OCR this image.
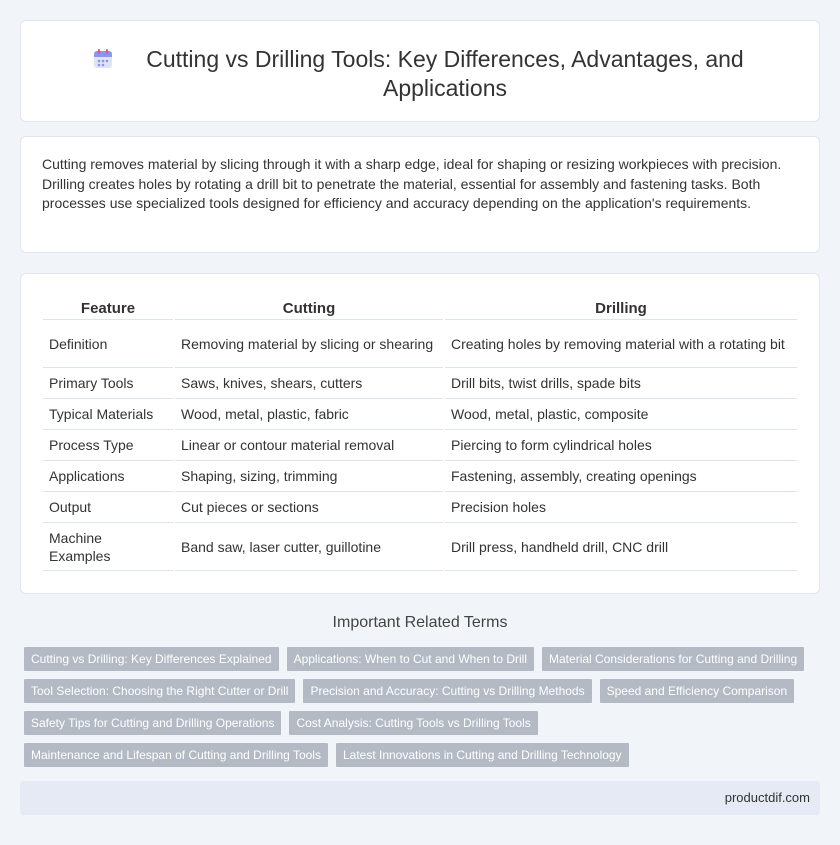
Cutting vs Drilling Tools: Key Differences, Advantages, and Applications

Cutting removes material by slicing through it with a sharp edge, ideal for shaping or resizing workpieces with precision. Drilling creates holes by rotating a drill bit to penetrate the material, essential for assembly and fastening tasks. Both processes use specialized tools designed for efficiency and accuracy depending on the application's requirements.

Feature	Cutting	Drilling
Definition	Removing material by slicing or shearing	Creating holes by removing material with a rotating bit
Primary Tools	Saws, knives, shears, cutters	Drill bits, twist drills, spade bits
Typical Materials	Wood, metal, plastic, fabric	Wood, metal, plastic, composite
Process Type	Linear or contour material removal	Piercing to form cylindrical holes
Applications	Shaping, sizing, trimming	Fastening, assembly, creating openings
Output	Cut pieces or sections	Precision holes
Machine Examples	Band saw, laser cutter, guillotine	Drill press, handheld drill, CNC drill
Important Related Terms
Cutting vs Drilling: Key Differences Explained	Applications: When to Cut and When to Drill	Material Considerations for Cutting and Drilling
Tool Selection: Choosing the Right Cutter or Drill	Precision and Accuracy: Cutting vs Drilling Methods	Speed and Efficiency Comparison
Safety Tips for Cutting and Drilling Operations	Cost Analysis: Cutting Tools vs Drilling Tools
Maintenance and Lifespan of Cutting and Drilling Tools	Latest Innovations in Cutting and Drilling Technology
productdif.com
